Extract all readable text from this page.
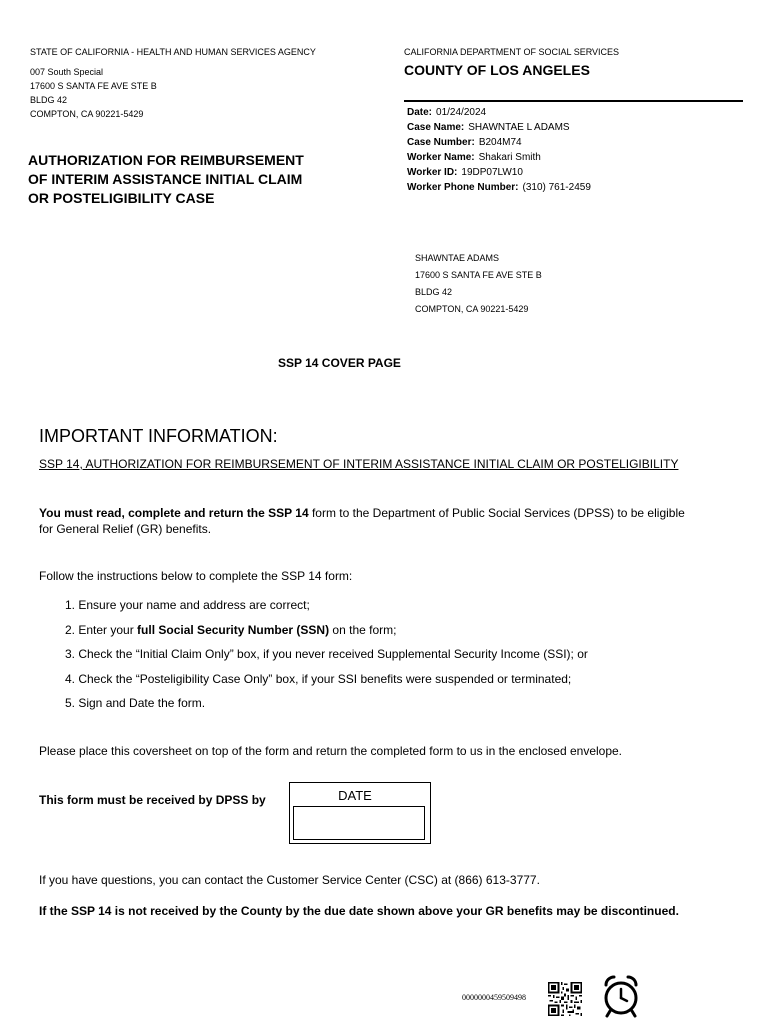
STATE OF CALIFORNIA - HEALTH AND HUMAN SERVICES AGENCY
007 South Special
17600 S SANTA FE AVE STE B
BLDG 42
COMPTON, CA 90221-5429
CALIFORNIA DEPARTMENT OF SOCIAL SERVICES
COUNTY OF LOS ANGELES
Date: 01/24/2024
Case Name: SHAWNTAE L ADAMS
Case Number: B204M74
Worker Name: Shakari Smith
Worker ID: 19DP07LW10
Worker Phone Number: (310) 761-2459
AUTHORIZATION FOR REIMBURSEMENT
OF INTERIM ASSISTANCE INITIAL CLAIM
OR POSTELIGIBILITY CASE
SHAWNTAE ADAMS
17600 S SANTA FE AVE STE B
BLDG 42
COMPTON, CA 90221-5429
SSP 14 COVER PAGE
IMPORTANT INFORMATION:
SSP 14, AUTHORIZATION FOR REIMBURSEMENT OF INTERIM ASSISTANCE INITIAL CLAIM OR POSTELIGIBILITY
You must read, complete and return the SSP 14 form to the Department of Public Social Services (DPSS) to be eligible
for General Relief (GR) benefits.
Follow the instructions below to complete the SSP 14 form:
1. Ensure your name and address are correct;
2. Enter your full Social Security Number (SSN) on the form;
3. Check the “Initial Claim Only” box, if you never received Supplemental Security Income (SSI); or
4. Check the “Posteligibility Case Only” box, if your SSI benefits were suspended or terminated;
5. Sign and Date the form.
Please place this coversheet on top of the form and return the completed form to us in the enclosed envelope.
This form must be received by DPSS by	DATE
If you have questions, you can contact the Customer Service Center (CSC) at (866) 613-3777.
If the SSP 14 is not received by the County by the due date shown above your GR benefits may be discontinued.
0000000459509498
